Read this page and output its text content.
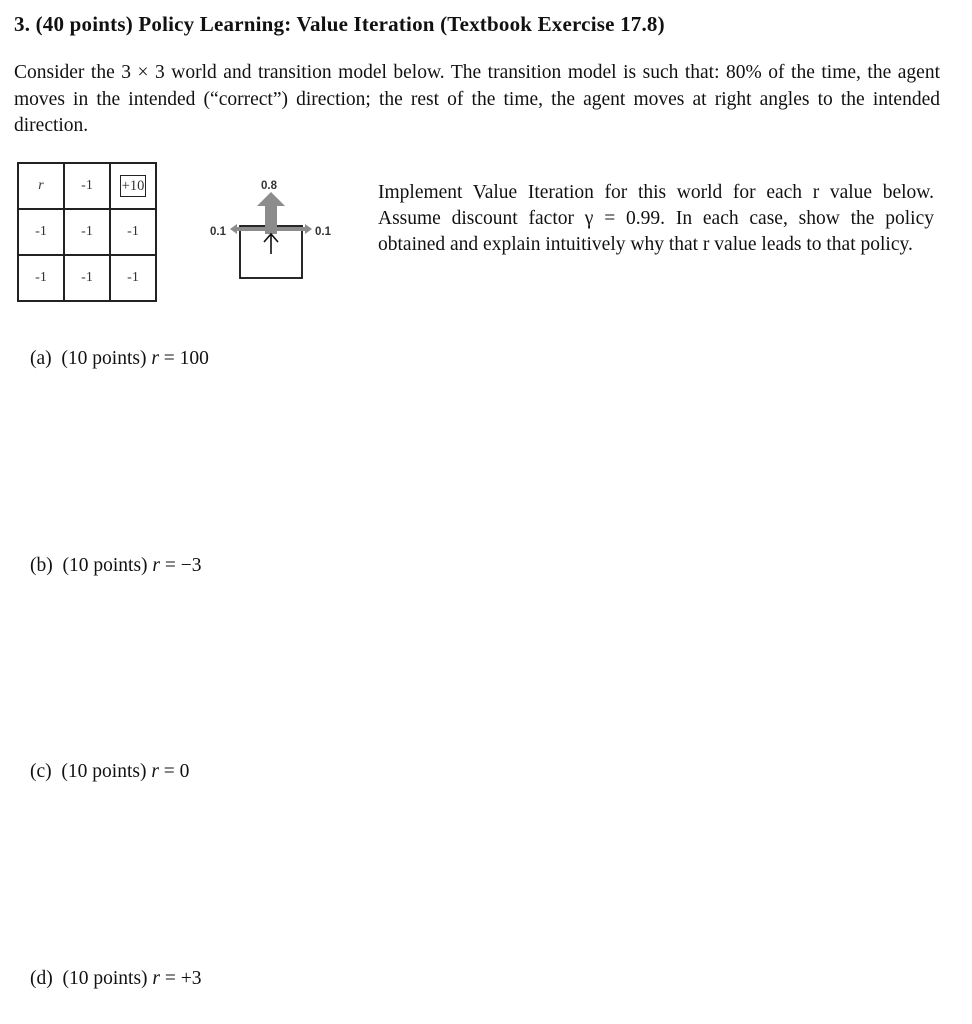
3. (40 points) Policy Learning: Value Iteration (Textbook Exercise 17.8)
Consider the 3 × 3 world and transition model below. The transition model is such that: 80% of the time, the agent moves in the intended (“correct”) direction; the rest of the time, the agent moves at right angles to the intended direction.
r	-1	+10
-1	-1	-1
-1	-1	-1
0.8
0.1	0.1
Implement Value Iteration for this world for each r value below. Assume discount factor γ = 0.99. In each case, show the policy obtained and explain intuitively why that r value leads to that policy.
(a) (10 points) r = 100
(b) (10 points) r = −3
(c) (10 points) r = 0
(d) (10 points) r = +3
